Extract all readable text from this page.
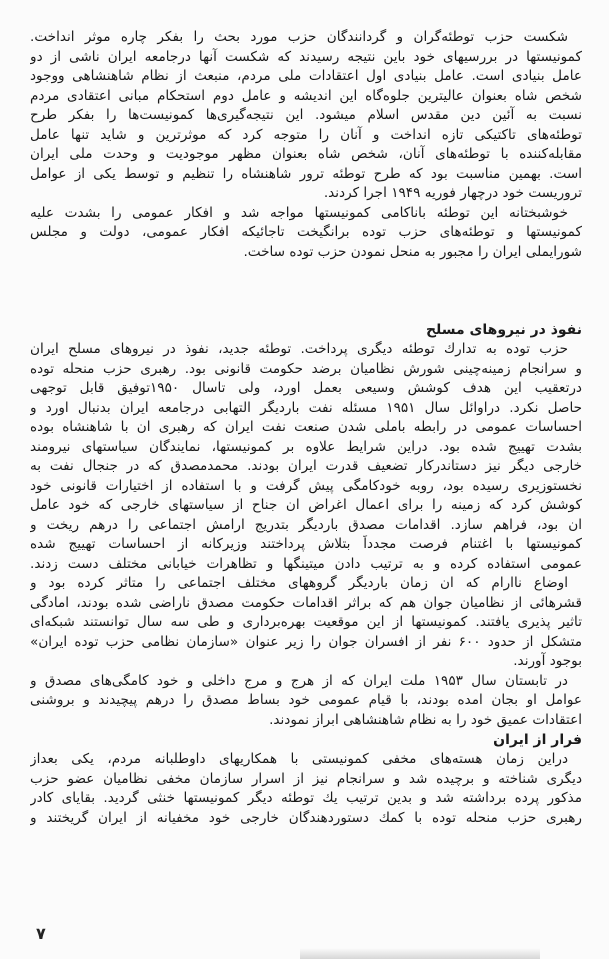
شکست حزب توطئه‌گران و گردانندگان حزب مورد بحث را بفکر چاره موثر انداخت.
کمونیستها در بررسیهای خود باین نتیجه رسیدند که شکست آنها درجامعه ایران ناشی از دو
عامل بنیادی است. عامل بنیادی اول اعتقادات ملی مردم، منبعث از نظام شاهنشاهی ووجود
شخص شاه بعنوان عالیترین جلوه‌گاه این اندیشه و عامل دوم استحکام مبانی اعتقادی مردم
نسبت به آئین دین مقدس اسلام میشود. این نتیجه‌گیری‌ها کمونیست‌ها را بفکر طرح
توطئه‌های تاکتیکی تازه انداخت و آنان را متوجه کرد که موثرترین و شاید تنها عامل
مقابله‌کننده با توطئه‌های آنان، شخص شاه بعنوان مظهر موجودیت و وحدت ملی ایران
است. بهمین مناسبت بود که طرح توطئه ترور شاهنشاه را تنظیم و توسط یکی از عوامل
تروریست خود درچهار فوریه ۱۹۴۹ اجرا کردند.
خوشبختانه این توطئه باناکامی کمونیستها مواجه شد و افکار عمومی را بشدت علیه
کمونیستها و توطئه‌های حزب توده برانگیخت تاجائیکه افکار عمومی، دولت و مجلس
شورایملی ایران را مجبور به منحل نمودن حزب توده ساخت.
نفوذ در نیروهای مسلح
حزب توده به تدارك توطئه دیگری پرداخت. توطئه جدید، نفوذ در نیروهای مسلح ایران
و سرانجام زمینه‌چینی شورش نظامیان برضد حکومت قانونی بود. رهبری حزب منحله توده
درتعقیب این هدف کوشش وسیعی بعمل اورد، ولی تاسال ۱۹۵۰توفیق قابل توجهی
حاصل نکرد. دراوائل سال ۱۹۵۱ مسئله نفت باردیگر التهابی درجامعه ایران بدنبال اورد و
احساسات عمومی در رابطه باملی شدن صنعت نفت ایران که رهبری ان با شاهنشاه بوده
بشدت تهییج شده بود. دراین شرایط علاوه بر کمونیستها، نمایندگان سیاستهای نیرومند
خارجی دیگر نیز دستاندرکار تضعیف قدرت ایران بودند. محمدمصدق که در جنجال نفت به
نخستوزیری رسیده بود، روبه خودکامگی پیش گرفت و با استفاده از اختیارات قانونی خود
کوشش کرد که زمینه را برای اعمال اغراض ان جناح از سیاستهای خارجی که خود عامل
ان بود، فراهم سازد. اقدامات مصدق باردیگر بتدریج ارامش اجتماعی را درهم ریخت و
کمونیستها با اغتنام فرصت مجدداً بتلاش پرداختند وزیرکانه از احساسات تهییج شده
عمومی استفاده کرده و به ترتیب دادن میتینگها و تظاهرات خیابانی مختلف دست زدند.
اوضاع ناارام که ان زمان باردیگر گروههای مختلف اجتماعی را متاثر کرده بود و
قشرهائی از نظامیان جوان هم که براثر اقدامات حکومت مصدق ناراضی شده بودند، امادگی
تاثیر پذیری یافتند. کمونیستها از این موقعیت بهره‌برداری و طی سه سال توانستند شبکه‌ای
متشکل از حدود ۶۰۰ نفر از افسران جوان را زیر عنوان «سازمان نظامی حزب توده ایران»
بوجود آورند.
در تابستان سال ۱۹۵۳ ملت ایران که از هرج و مرج داخلی و خود کامگی‌های مصدق و
عوامل او بجان امده بودند، با قیام عمومی خود بساط مصدق را درهم پیچیدند و بروشنی
اعتقادات عمیق خود را به نظام شاهنشاهی ابراز نمودند.
فرار از ایران
دراین زمان هسته‌های مخفی کمونیستی با همکاریهای داوطلبانه مردم، یکی بعداز
دیگری شناخته و برچیده شد و سرانجام نیز از اسرار سازمان مخفی نظامیان عضو حزب
مذکور پرده برداشته شد و بدین ترتیب یك توطئه دیگر کمونیستها خنثی گردید. بقایای کادر
رهبری حزب منحله توده با کمك دستوردهندگان خارجی خود مخفیانه از ایران گریختند و
۷
